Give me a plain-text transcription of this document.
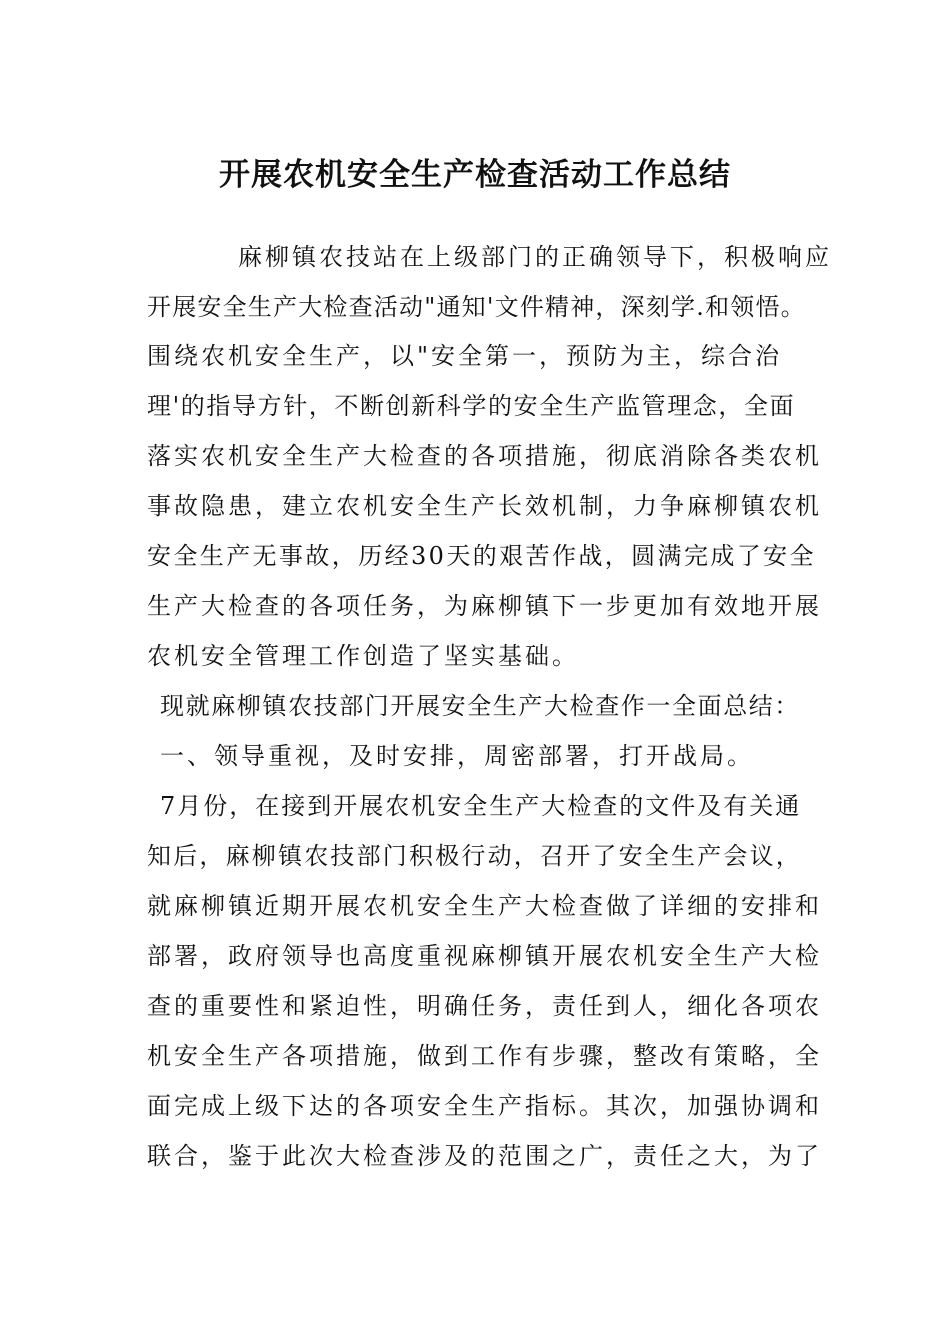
开展农机安全生产检查活动工作总结
麻柳镇农技站在上级部门的正确领导下，积极响应
开展安全生产大检查活动"通知'文件精神，深刻学.和领悟。
围绕农机安全生产，以"安全第一，预防为主，综合治
理'的指导方针，不断创新科学的安全生产监管理念，全面
落实农机安全生产大检查的各项措施，彻底消除各类农机
事故隐患，建立农机安全生产长效机制，力争麻柳镇农机
安全生产无事故，历经30天的艰苦作战，圆满完成了安全
生产大检查的各项任务，为麻柳镇下一步更加有效地开展
农机安全管理工作创造了坚实基础。
现就麻柳镇农技部门开展安全生产大检查作一全面总结：
一、领导重视，及时安排，周密部署，打开战局。
7月份，在接到开展农机安全生产大检查的文件及有关通
知后，麻柳镇农技部门积极行动，召开了安全生产会议，
就麻柳镇近期开展农机安全生产大检查做了详细的安排和
部署，政府领导也高度重视麻柳镇开展农机安全生产大检
查的重要性和紧迫性，明确任务，责任到人，细化各项农
机安全生产各项措施，做到工作有步骤，整改有策略，全
面完成上级下达的各项安全生产指标。其次，加强协调和
联合，鉴于此次大检查涉及的范围之广，责任之大，为了
